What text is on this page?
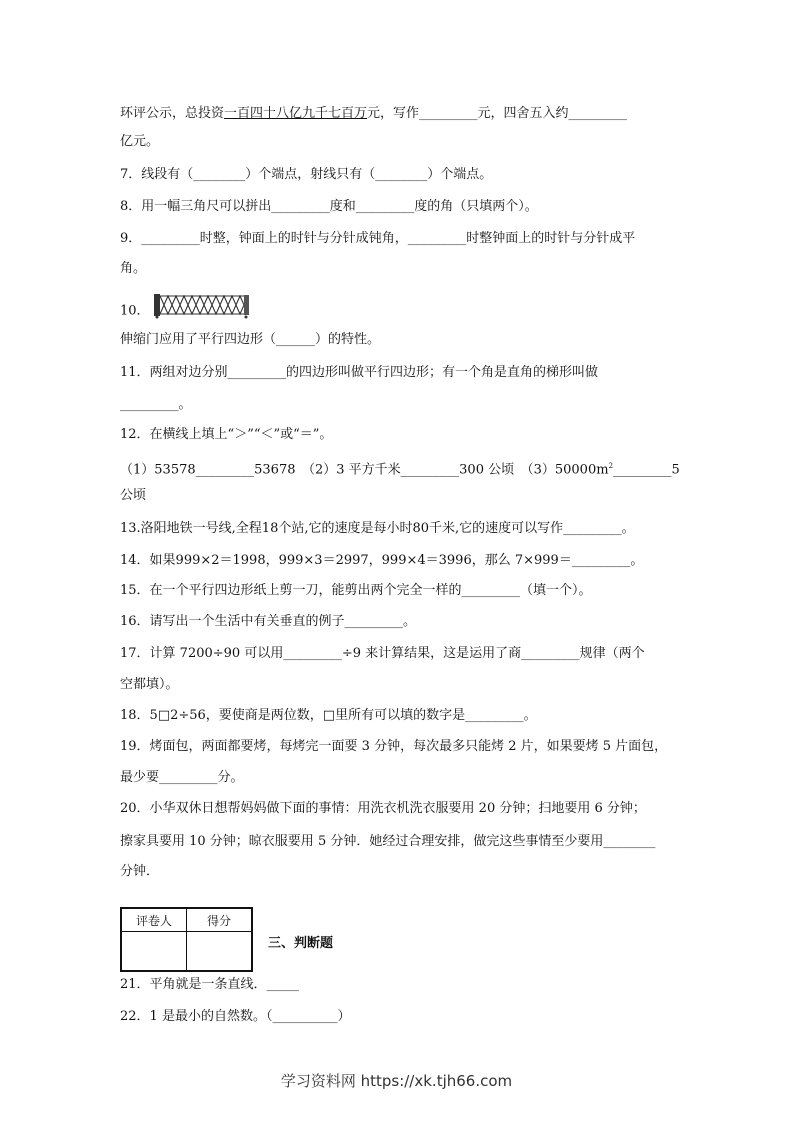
环评公示，总投资一百四十八亿九千七百万元，写作_________元，四舍五入约_________
亿元。
7．线段有（________）个端点，射线只有（________）个端点。
8．用一幅三角尺可以拼出_________度和_________度的角（只填两个）。
9．_________时整，钟面上的时针与分针成钝角，_________时整钟面上的时针与分针成平
角。
10．
伸缩门应用了平行四边形（______）的特性。
11．两组对边分别_________的四边形叫做平行四边形；有一个角是直角的梯形叫做
_________。
12．在横线上填上“＞”“＜”或“＝”。
（1）53578_________53678　（2）3 平方千米_________300 公顷　$(3)50000m^2\_\_\_\_\_\_\_\_\_5$
公顷
13.洛阳地铁一号线,全程18个站,它的速度是每小时80千米,它的速度可以写作_________。
14．如果999×2＝1998，999×3＝2997，999×4＝3996，那么 7×999＝_________。
15．在一个平行四边形纸上剪一刀，能剪出两个完全一样的_________（填一个）。
16．请写出一个生活中有关垂直的例子_________。
17．计算 7200÷90 可以用_________÷9 来计算结果，这是运用了商_________规律（两个
空都填）。
18．5□2÷56，要使商是两位数，□里所有可以填的数字是_________。
19．烤面包，两面都要烤，每烤完一面要 3 分钟，每次最多只能烤 2 片，如果要烤 5 片面包，
最少要_________分。
20．小华双休日想帮妈妈做下面的事情：用洗衣机洗衣服要用 20 分钟；扫地要用 6 分钟；
擦家具要用 10 分钟；晾衣服要用 5 分钟．她经过合理安排，做完这些事情至少要用________
分钟．
评卷人	得分

三、判断题
21．平角就是一条直线．_____
22．1 是最小的自然数。（__________）
学习资料网 https://xk.tjh66.com
